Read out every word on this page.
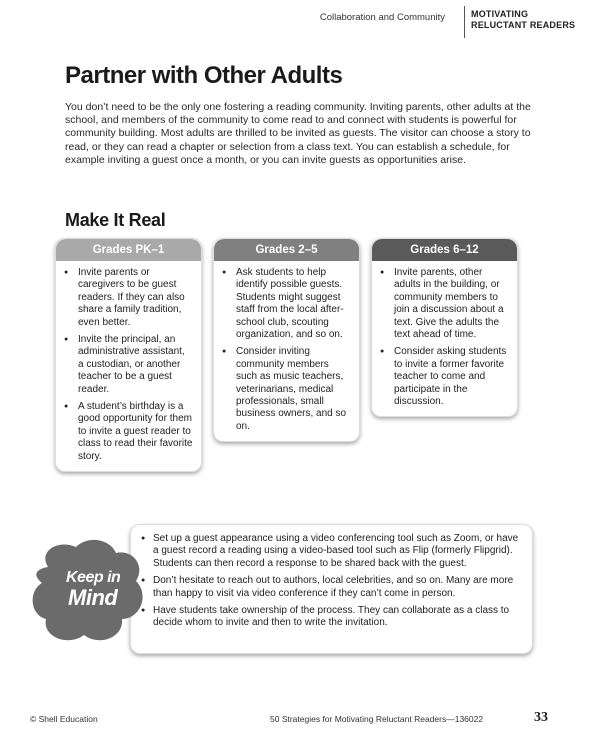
Collaboration and Community	MOTIVATING
RELUCTANT READERS
Partner with Other Adults
You don’t need to be the only one fostering a reading community. Inviting parents, other adults at the school, and members of the community to come read to and connect with students is powerful for community building. Most adults are thrilled to be invited as guests. The visitor can choose a story to read, or they can read a chapter or selection from a class text. You can establish a schedule, for example inviting a guest once a month, or you can invite guests as opportunities arise.
Make It Real
Grades PK–1
● Invite parents or caregivers to be guest readers. If they can also share a family tradition, even better.
● Invite the principal, an administrative assistant, a custodian, or another teacher to be a guest reader.
● A student’s birthday is a good opportunity for them to invite a guest reader to class to read their favorite story.
Grades 2–5
● Ask students to help identify possible guests. Students might suggest staff from the local after-school club, scouting organization, and so on.
● Consider inviting community members such as music teachers, veterinarians, medical professionals, small business owners, and so on.
Grades 6–12
● Invite parents, other adults in the building, or community members to join a discussion about a text. Give the adults the text ahead of time.
● Consider asking students to invite a former favorite teacher to come and participate in the discussion.
● Set up a guest appearance using a video conferencing tool such as Zoom, or have a guest record a reading using a video-based tool such as Flip (formerly Flipgrid). Students can then record a response to be shared back with the guest.
● Don’t hesitate to reach out to authors, local celebrities, and so on. Many are more than happy to visit via video conference if they can’t come in person.
● Have students take ownership of the process. They can collaborate as a class to decide whom to invite and then to write the invitation.
Keep in
Mind
© Shell Education	50 Strategies for Motivating Reluctant Readers—136022	33
